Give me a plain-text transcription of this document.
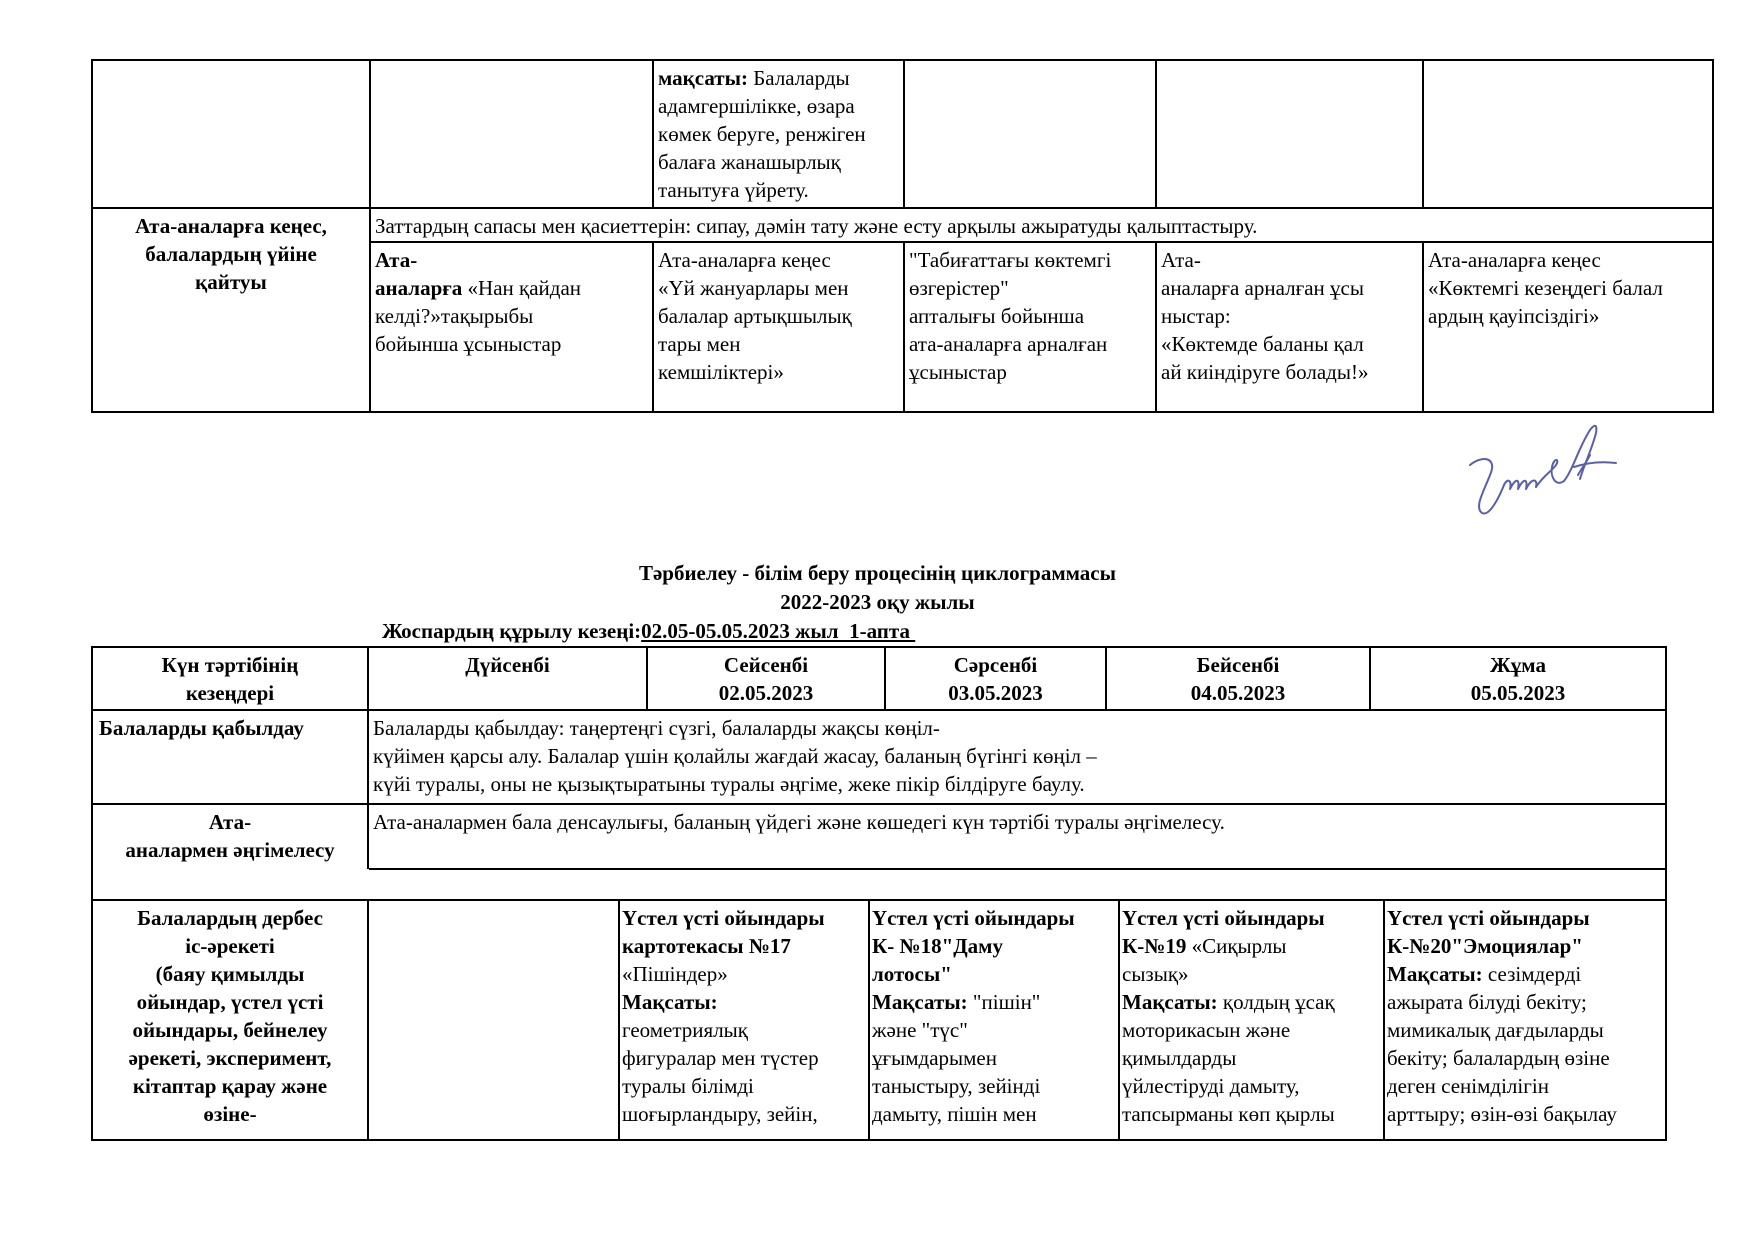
мақсаты: Балаларды
адамгершілікке, өзара
көмек беруге, ренжіген
балаға жанашырлық
танытуға үйрету.
Ата-аналарға кеңес,
балалардың үйіне
қайтуы
Заттардың сапасы мен қасиеттерін: сипау, дәмін тату және есту арқылы ажыратуды қалыптастыру.
Ата-
аналарға «Нан қайдан
келді?»тақырыбы
бойынша ұсыныстар
Ата-аналарға кеңес
«Үй жануарлары мен
балалар артықшылық
тары мен
кемшіліктері»
"Табиғаттағы көктемгі
өзгерістер"
апталығы бойынша
ата-аналарға арналған
ұсыныстар
Ата-
аналарға арналған ұсы
ныстар:
«Көктемде баланы қал
ай киіндіруге болады!»
Ата-аналарға кеңес
«Көктемгі кезеңдегі балал
ардың қауіпсіздігі»
Тәрбиелеу - білім беру процесінің циклограммасы
2022-2023 оқу жылы
Жоспардың құрылу кезеңі:02.05-05.05.2023 жыл  1-апта
Күн тәртібінің
кезеңдері
Дүйсенбі	Сейсенбі
02.05.2023
Сәрсенбі
03.05.2023
Бейсенбі
04.05.2023
Жұма
05.05.2023
Балаларды қабылдау	Балаларды қабылдау: таңертеңгі сүзгі, балаларды жақсы көңіл-
күйімен қарсы алу. Балалар үшін қолайлы жағдай жасау, баланың бүгінгі көңіл –
күйі туралы, оны не қызықтыратыны туралы әңгіме, жеке пікір білдіруге баулу.
Ата-
аналармен әңгімелесу
Ата-аналармен бала денсаулығы, баланың үйдегі және көшедегі күн тәртібі туралы әңгімелесу.
Балалардың дербес
іс-әрекеті
(баяу қимылды
ойындар, үстел үсті
ойындары, бейнелеу
әрекеті, эксперимент,
кітаптар қарау және
өзіне-
Үстел үсті ойындары
картотекасы №17
«Пішіндер»
Мақсаты:
геометриялық
фигуралар мен түстер
туралы білімді
шоғырландыру, зейін,
Үстел үсті ойындары
К- №18"Даму
лотосы"
Мақсаты: "пішін"
және "түс"
ұғымдарымен
таныстыру, зейінді
дамыту, пішін мен
Үстел үсті ойындары
К-№19 «Сиқырлы
сызық»
Мақсаты: қолдың ұсақ
моторикасын және
қимылдарды
үйлестіруді дамыту,
тапсырманы көп қырлы
Үстел үсті ойындары
К-№20"Эмоциялар"
Мақсаты: сезімдерді
ажырата білуді бекіту;
мимикалық дағдыларды
бекіту; балалардың өзіне
деген сенімділігін
арттыру; өзін-өзі бақылау
